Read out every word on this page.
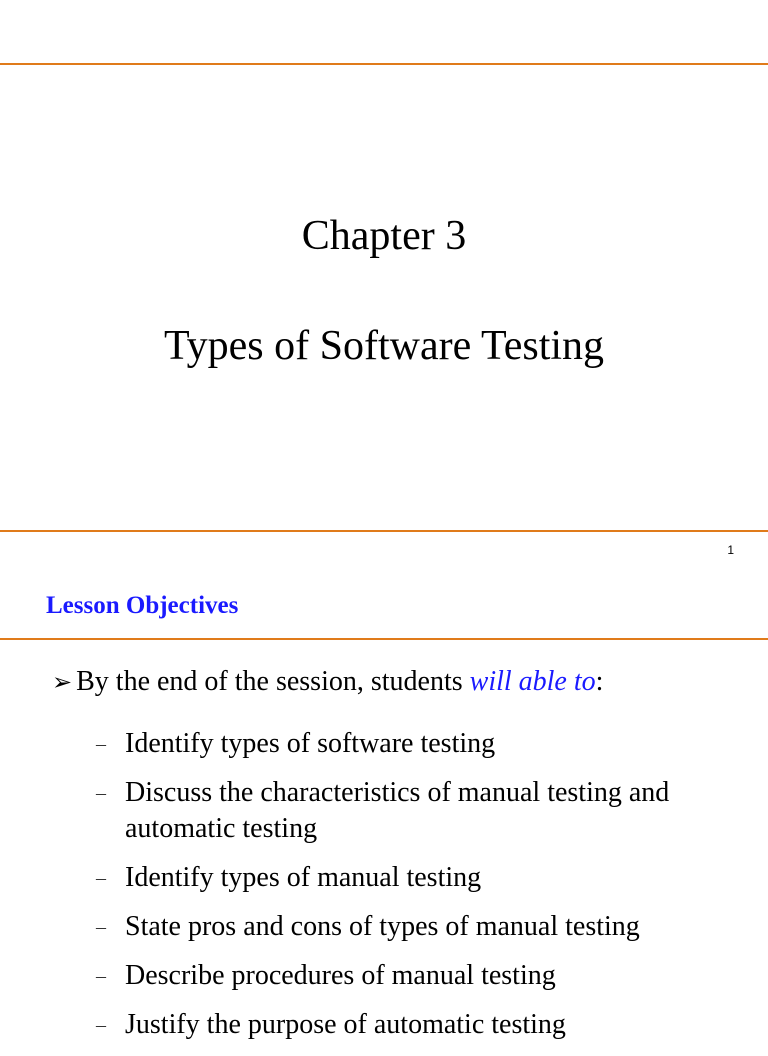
Chapter 3
Types of Software Testing
1
Lesson Objectives
➢ By the end of the session, students will able to:
– Identify types of software testing
– Discuss the characteristics of manual testing and automatic testing
– Identify types of manual testing
– State pros and cons of types of manual testing
– Describe procedures of manual testing
– Justify the purpose of automatic testing
